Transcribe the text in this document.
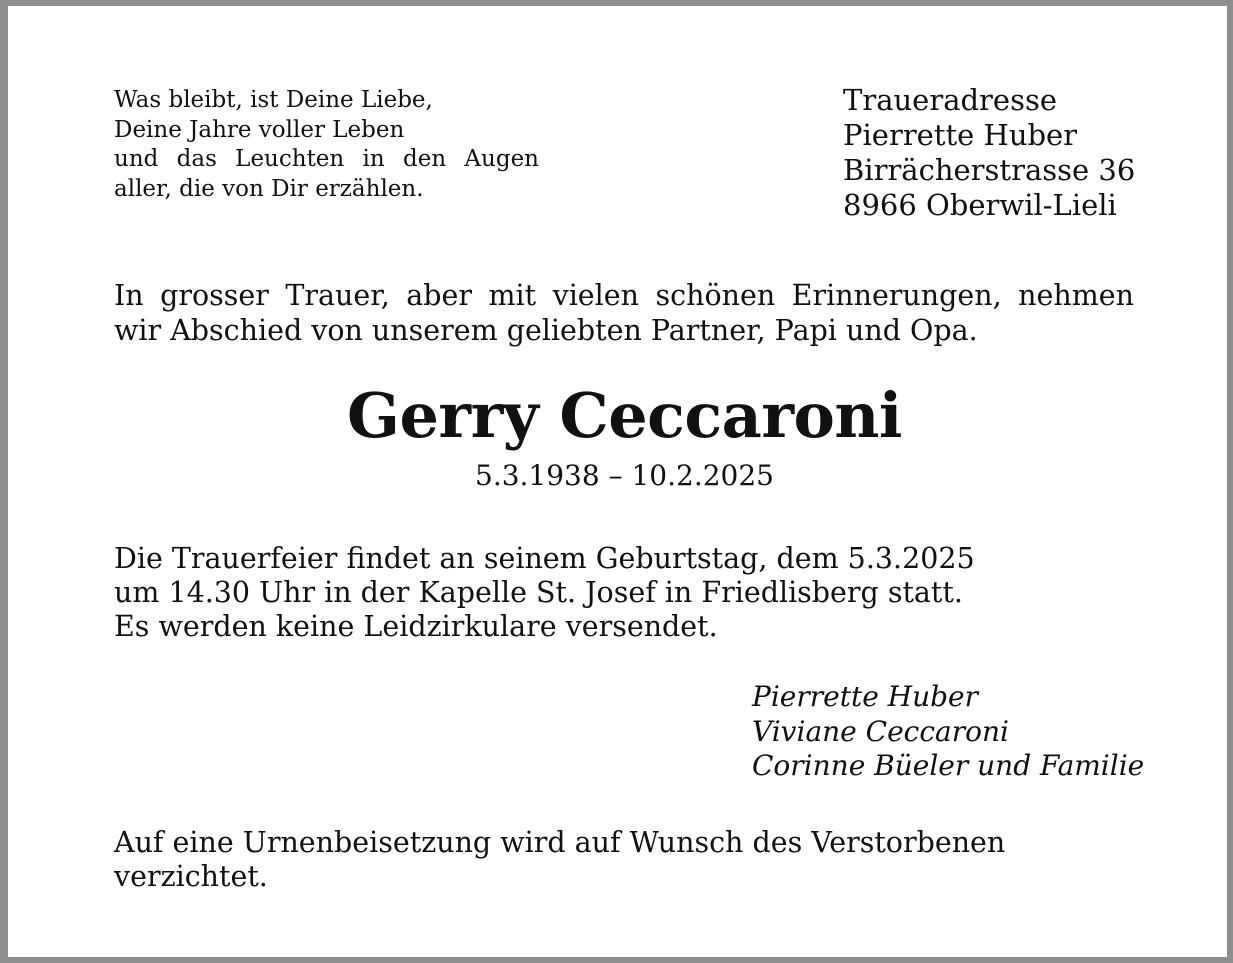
Was bleibt, ist Deine Liebe,
Deine Jahre voller Leben
und das Leuchten in den Augen
aller, die von Dir erzählen.
Traueradresse
Pierrette Huber
Birrächerstrasse 36
8966 Oberwil-Lieli
In grosser Trauer, aber mit vielen schönen Erinnerungen, nehmen
wir Abschied von unserem geliebten Partner, Papi und Opa.
Gerry Ceccaroni
5.3.1938 – 10.2.2025
Die Trauerfeier findet an seinem Geburtstag, dem 5.3.2025
um 14.30 Uhr in der Kapelle St. Josef in Friedlisberg statt.
Es werden keine Leidzirkulare versendet.
Pierrette Huber
Viviane Ceccaroni
Corinne Büeler und Familie
Auf eine Urnenbeisetzung wird auf Wunsch des Verstorbenen
verzichtet.
